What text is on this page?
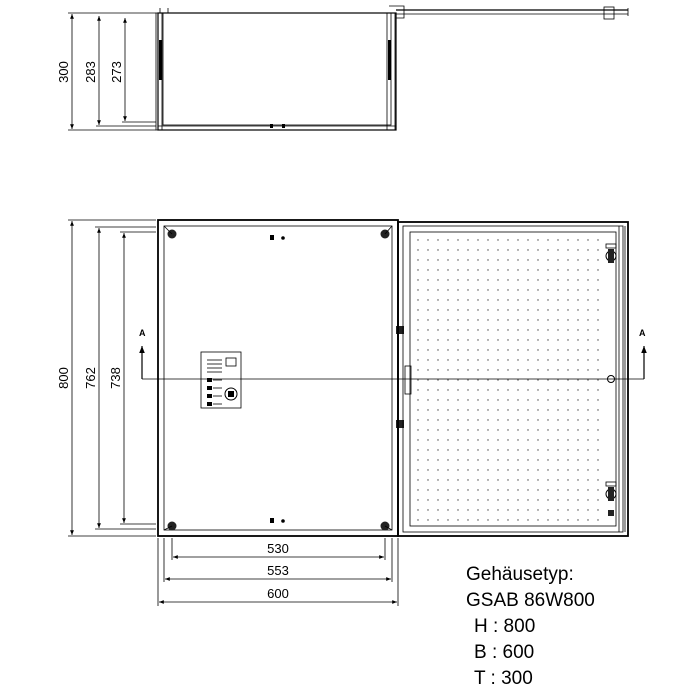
300 283 273
A	A
800 762 738
530
553
600
Gehäusetyp:
GSAB 86W800
H : 800
B : 600
T : 300
